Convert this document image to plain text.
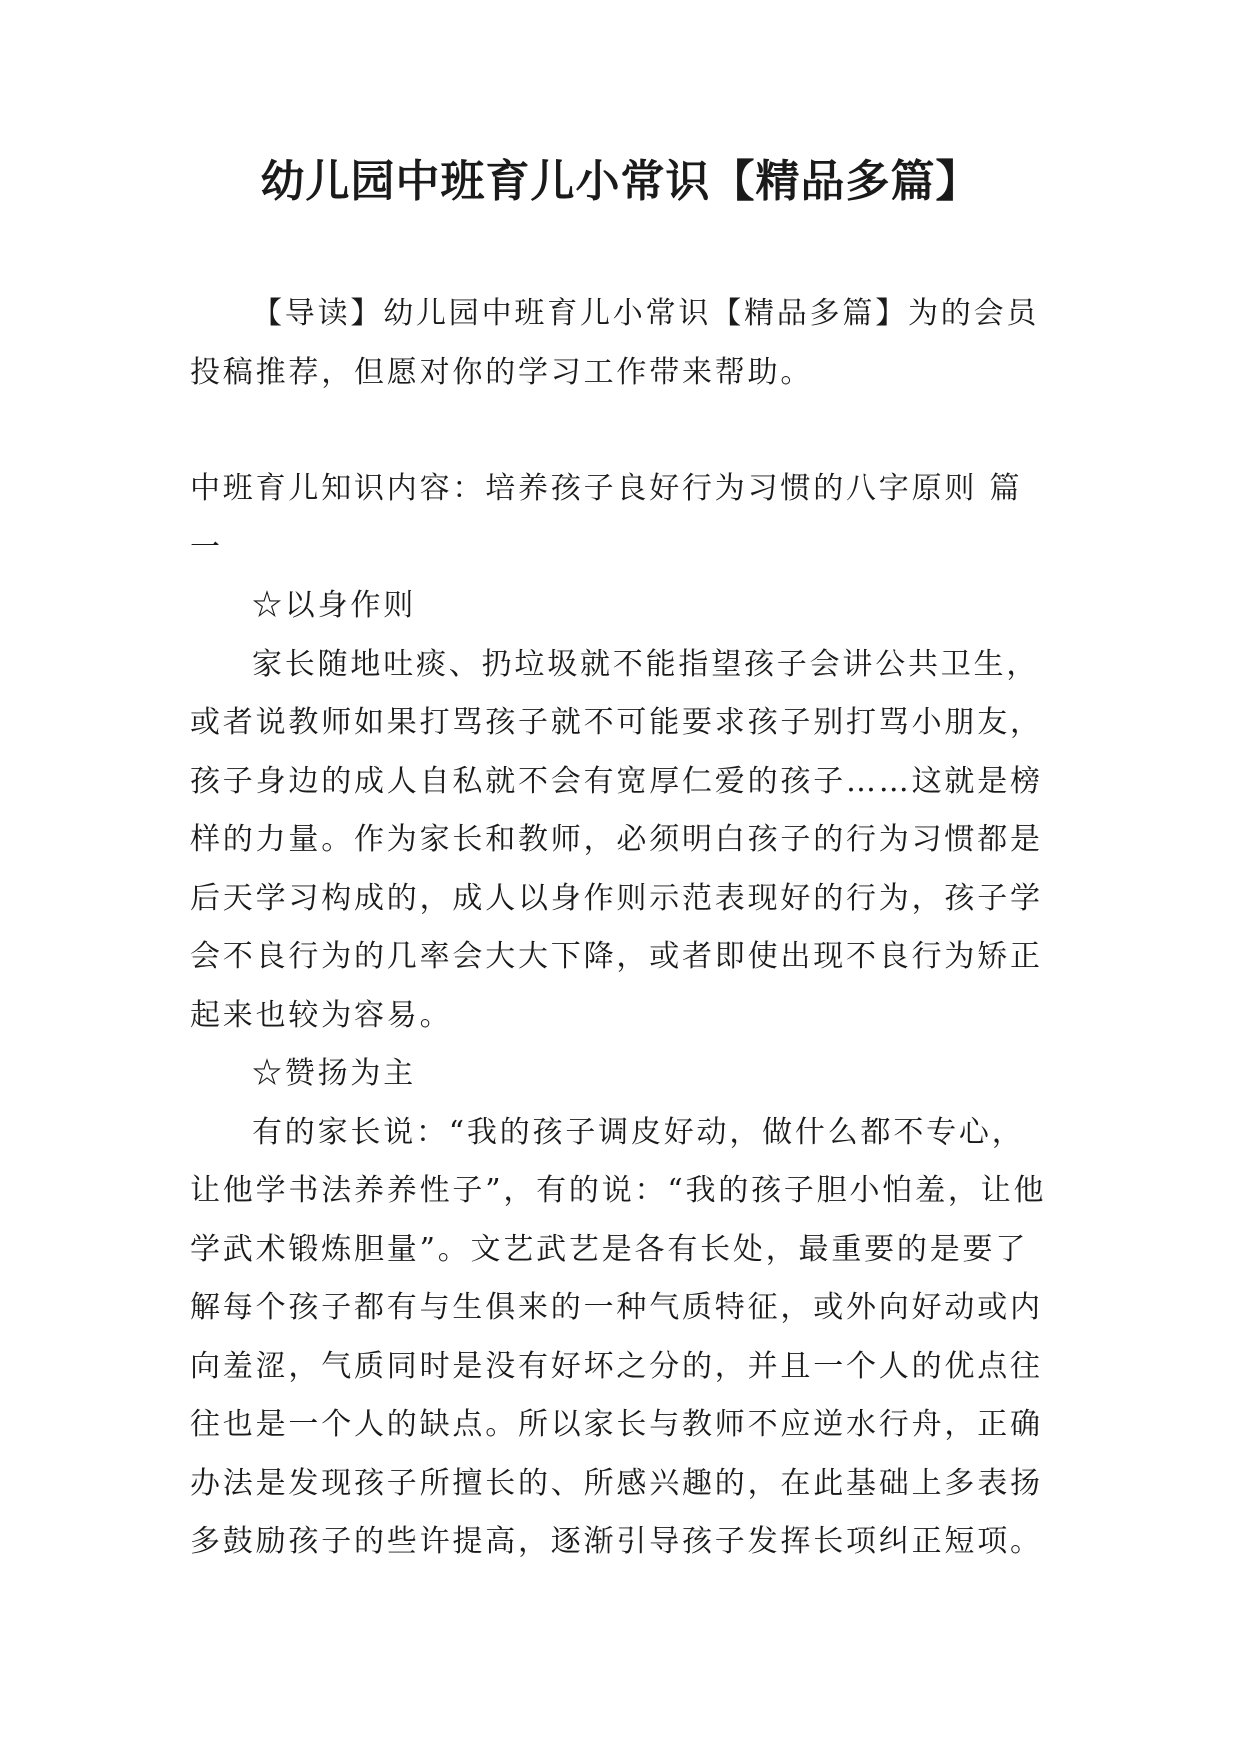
幼儿园中班育儿小常识【精品多篇】

【导读】幼儿园中班育儿小常识【精品多篇】为的会员投稿推荐，但愿对你的学习工作带来帮助。

中班育儿知识内容：培养孩子良好行为习惯的八字原则 篇一

☆以身作则

家长随地吐痰、扔垃圾就不能指望孩子会讲公共卫生，或者说教师如果打骂孩子就不可能要求孩子别打骂小朋友，孩子身边的成人自私就不会有宽厚仁爱的孩子……这就是榜样的力量。作为家长和教师，必须明白孩子的行为习惯都是后天学习构成的，成人以身作则示范表现好的行为，孩子学会不良行为的几率会大大下降，或者即使出现不良行为矫正起来也较为容易。

☆赞扬为主

有的家长说：“我的孩子调皮好动，做什么都不专心，让他学书法养养性子”，有的说：“我的孩子胆小怕羞，让他学武术锻炼胆量”。文艺武艺是各有长处，最重要的是要了解每个孩子都有与生俱来的一种气质特征，或外向好动或内向羞涩，气质同时是没有好坏之分的，并且一个人的优点往往也是一个人的缺点。所以家长与教师不应逆水行舟，正确办法是发现孩子所擅长的、所感兴趣的，在此基础上多表扬多鼓励孩子的些许提高，逐渐引导孩子发挥长项纠正短项。
